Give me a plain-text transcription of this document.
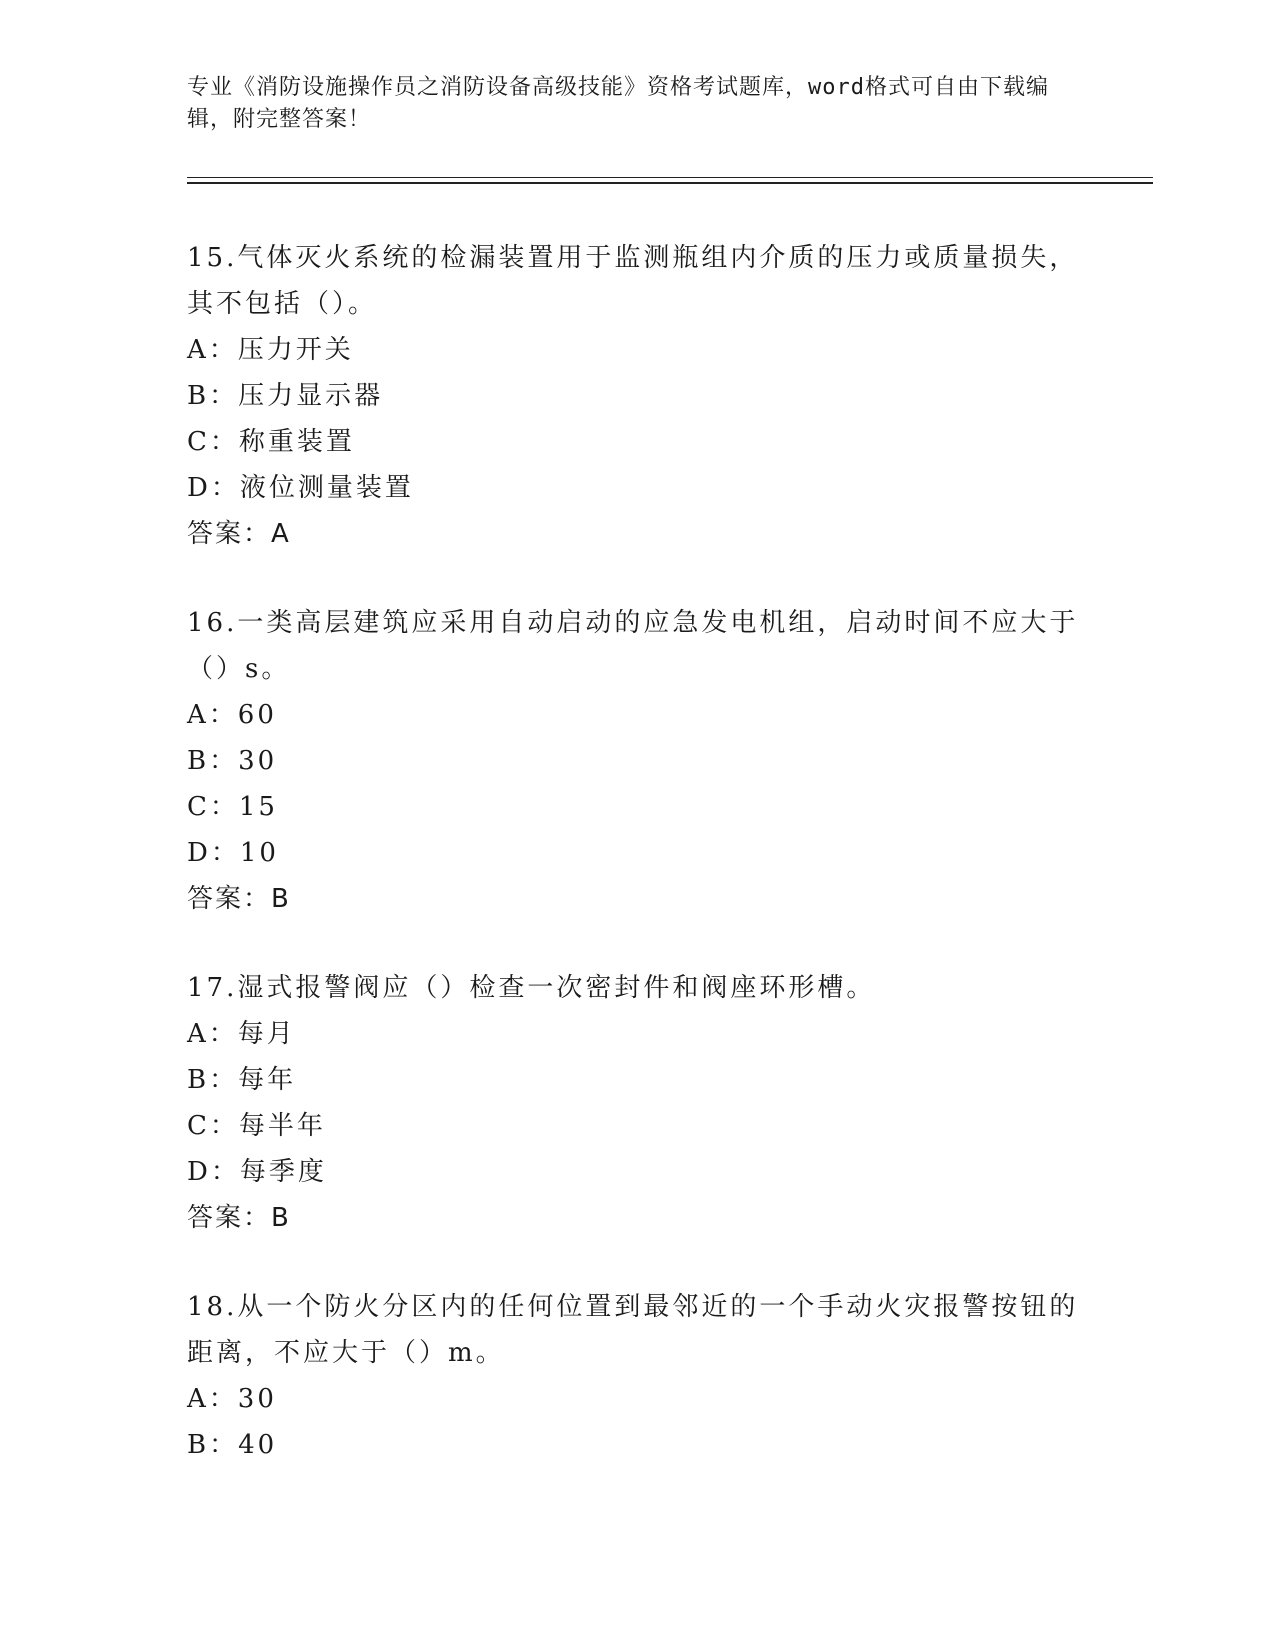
专业《消防设施操作员之消防设备高级技能》资格考试题库，word格式可自由下载编辑，附完整答案！

15.气体灭火系统的检漏装置用于监测瓶组内介质的压力或质量损失，其不包括（）。

A：压力开关

B：压力显示器

C：称重装置

D：液位测量装置

答案：A

16.一类高层建筑应采用自动启动的应急发电机组，启动时间不应大于（）s。

A：60

B：30

C：15

D：10

答案：B

17.湿式报警阀应（）检查一次密封件和阀座环形槽。

A：每月

B：每年

C：每半年

D：每季度

答案：B

18.从一个防火分区内的任何位置到最邻近的一个手动火灾报警按钮的距离，不应大于（）m。

A：30

B：40
